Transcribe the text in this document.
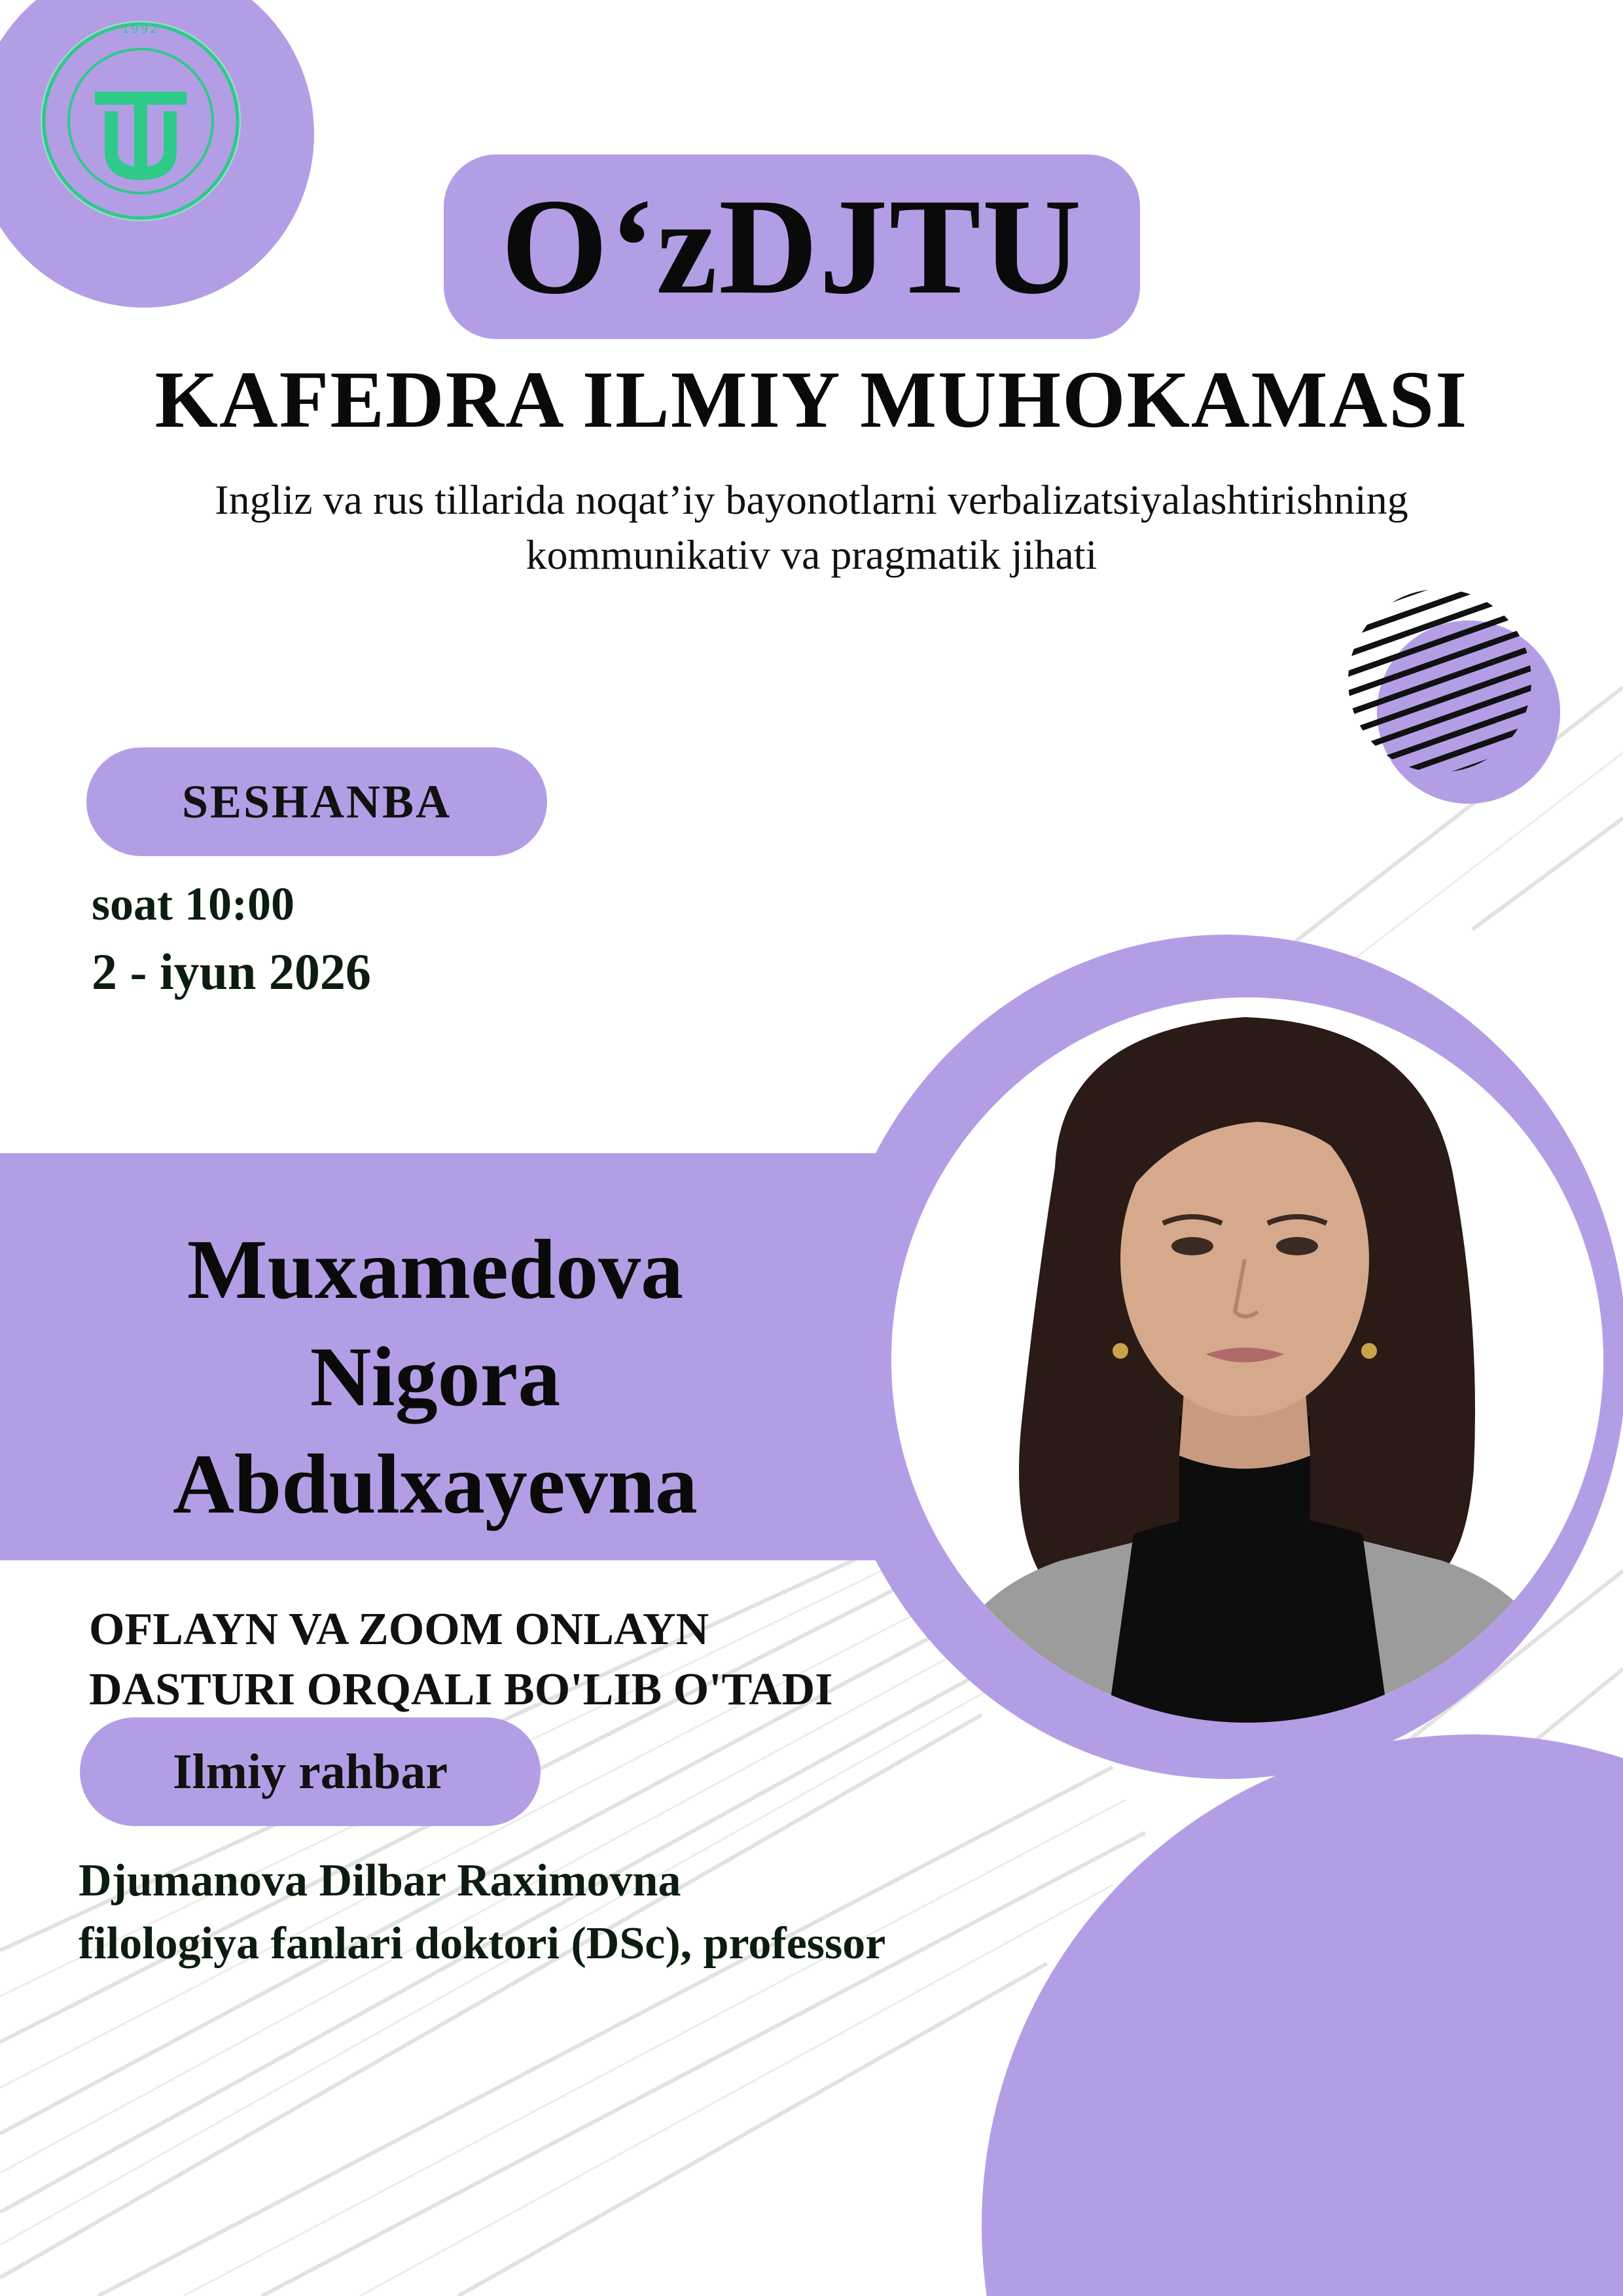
1992
O‘zDJTU
KAFEDRA ILMIY MUHOKAMASI
Ingliz va rus tillarida noqat’iy bayonotlarni verbalizatsiyalashtirishning
kommunikativ va pragmatik jihati
SESHANBA
soat 10:00
2 - iyun 2026
Muxamedova
Nigora
Abdulxayevna
OFLAYN VA ZOOM ONLAYN
DASTURI ORQALI BO'LIB O'TADI
Ilmiy rahbar
Djumanova Dilbar Raximovna
filologiya fanlari doktori (DSc), professor
